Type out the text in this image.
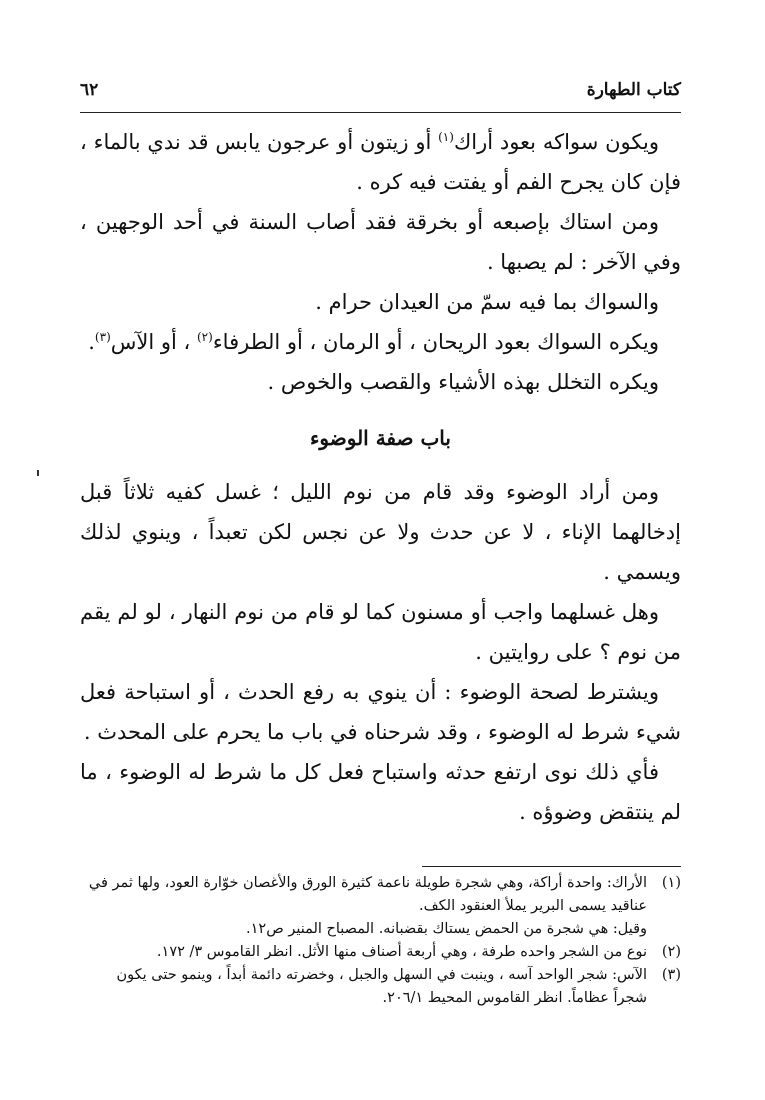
كتاب الطهارة
٦٢

ويكون سواكه بعود أراك$^{(١)}$ أو زيتون أو عرجون يابس قد ندي بالماء ، فإن كان يجرح الفم أو يفتت فيه كره .

ومن استاك بإصبعه أو بخرقة فقد أصاب السنة في أحد الوجهين ، وفي الآخر : لم يصبها .

والسواك بما فيه سمّ من العيدان حرام .

ويكره السواك بعود الريحان ، أو الرمان ، أو الطرفاء$^{(٢)}$ ، أو الآس$^{(٣)}$.

ويكره التخلل بهذه الأشياء والقصب والخوص .

باب صفة الوضوء

ومن أراد الوضوء وقد قام من نوم الليل ؛ غسل كفيه ثلاثاً قبل إدخالهما الإناء ، لا عن حدث ولا عن نجس لكن تعبداً ، وينوي لذلك ويسمي .

وهل غسلهما واجب أو مسنون كما لو قام من نوم النهار ، لو لم يقم من نوم ؟ على روايتين .

ويشترط لصحة الوضوء : أن ينوي به رفع الحدث ، أو استباحة فعل شيء شرط له الوضوء ، وقد شرحناه في باب ما يحرم على المحدث .

فأي ذلك نوى ارتفع حدثه واستباح فعل كل ما شرط له الوضوء ، ما لم ينتقض وضوؤه .

(١)
الأراك: واحدة أراكة، وهي شجرة طويلة ناعمة كثيرة الورق والأغصان خوّارة العود، ولها ثمر في عناقيد يسمى البرير يملأ العنقود الكف.

وقيل: هي شجرة من الحمض يستاك بقضبانه. المصباح المنير ص١٢.

(٢)
نوع من الشجر واحده طرفة ، وهي أربعة أصناف منها الأثل. انظر القاموس ٣/ ١٧٢.
(٣)
الآس: شجر الواحد آسه ، وينبت في السهل والجبل ، وخضرته دائمة أبداً ، وينمو حتى يكون شجراً عظاماً. انظر القاموس المحيط ٢٠٦/١.
